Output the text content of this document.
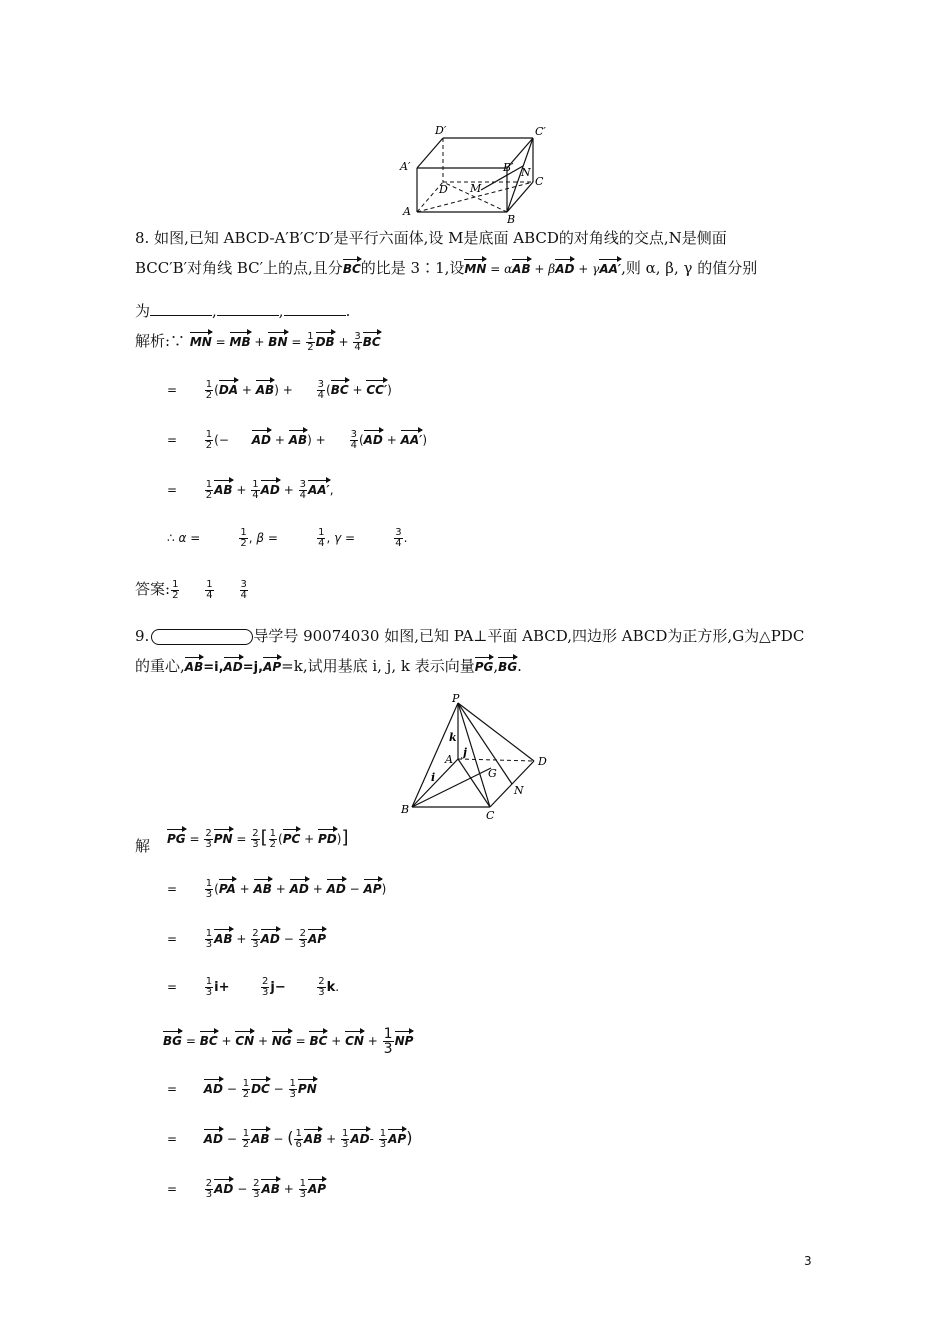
D′	C′
A′	B′ N
C
D M
A
B
8. 如图,已知 ABCD-A′B′C′D′是平行六面体,设 M是底面 ABCD的对角线的交点,N是侧面
BCC′B′对角线 BC′上的点,且分BC的比是 3∶1,设MN = αAB + βAD + γAA′,则 α, β, γ 的值分别
为	,	,	.
解析:∵ MN = MB + BN = $\frac{1}{2}$ DB + $\frac{3}{4}$ BC
= $\frac{1}{2} (DA + AB) + \frac{3}{4} (BC + CC')$
= $\frac{1}{2}$ (−      AD + $AB) + \frac{3}{4} (AD + AA')$
= $\frac{1}{2}$ AB + $\frac{1}{4}$ AD + $\frac{3}{4} AA'$,
∴ $\alpha = \frac{1}{2}$ , $\beta = \frac{1}{4}$ , $\gamma = \frac{3}{4}$ .
答案: $\frac{1}{2}$
	$\frac{1}{4}$
	$\frac{3}{4}$
9.	导学号 90074030 如图,已知 PA⊥平面 ABCD,四边形 ABCD为正方形,G为△PDC
的重心,AB=i,AD=j,AP=k,试用基底 i, j, k 表示向量PG,BG.
P
k
A
j
D
G
i
N
B	C
解 PG = $\frac{2}{3}$ PN = $\frac{2}{3}$ [ $\frac{1}{2} (PC + PD)$]
= $\frac{1}{3} (PA$ + AB + AD + AD − AP)
= $\frac{1}{3}$ AB + $\frac{2}{3}$ AD − $\frac{2}{3}$ AP
= $\frac{1}{3} i+$	$\frac{2}{3} j-$	$\frac{2}{3} k$.
BG = BC + CN + NG = BC + CN + $\frac{1}{3}$ NP
=       AD − $\frac{1}{2}$ DC − $\frac{1}{3}$ PN
=       AD − $\frac{1}{2}$ AB − ( $\frac{1}{6}$ AB + $\frac{1}{3} AD- \frac{1}{3} AP$)
= $\frac{2}{3}$ AD − $\frac{2}{3}$ AB + $\frac{1}{3}$ AP
3
